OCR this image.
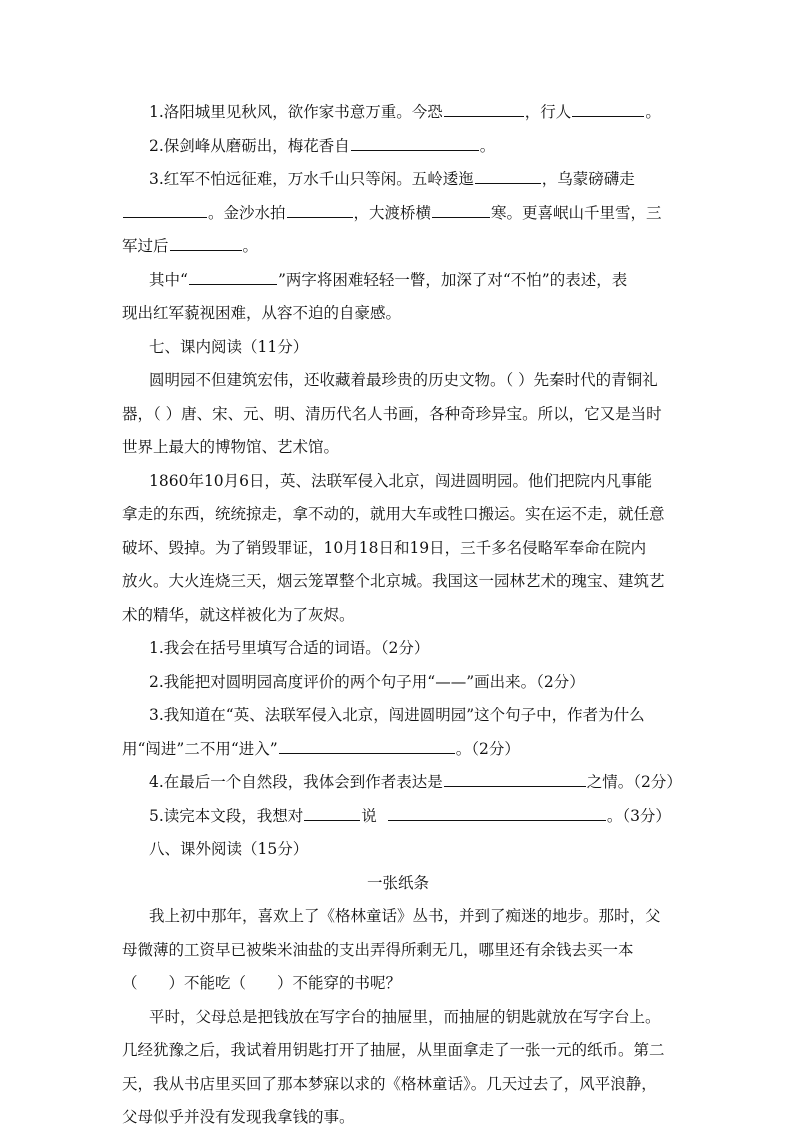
1.洛阳城里见秋风，欲作家书意万重。今恐	，行人	。
2.保剑峰从磨砺出，梅花香自	。
3.红军不怕远征难，万水千山只等闲。五岭逶迤	，乌蒙磅礴走
。金沙水拍	，大渡桥横	寒。更喜岷山千里雪，三
军过后	。
其中“	”两字将困难轻轻一瞥，加深了对“不怕”的表述，表
现出红军藐视困难，从容不迫的自豪感。
七、课内阅读（11分）
圆明园不但建筑宏伟，还收藏着最珍贵的历史文物。（ ）先秦时代的青铜礼
器，（ ）唐、宋、元、明、清历代名人书画，各种奇珍异宝。所以，它又是当时
世界上最大的博物馆、艺术馆。
1860年10月6日，英、法联军侵入北京，闯进圆明园。他们把院内凡事能
拿走的东西，统统掠走，拿不动的，就用大车或牲口搬运。实在运不走，就任意
破坏、毁掉。为了销毁罪证，10月18日和19日，三千多名侵略军奉命在院内
放火。大火连烧三天，烟云笼罩整个北京城。我国这一园林艺术的瑰宝、建筑艺
术的精华，就这样被化为了灰烬。
1.我会在括号里填写合适的词语。（2分）
2.我能把对圆明园高度评价的两个句子用“——”画出来。（2分）
3.我知道在“英、法联军侵入北京，闯进圆明园”这个句子中，作者为什么
用“闯进”二不用“进入”	。（2分）
4.在最后一个自然段，我体会到作者表达是	之情。（2分）
5.读完本文段，我想对	说	。（3分）
八、课外阅读（15分）
一张纸条
我上初中那年，喜欢上了《格林童话》丛书，并到了痴迷的地步。那时，父
母微薄的工资早已被柴米油盐的支出弄得所剩无几，哪里还有余钱去买一本
（　　）不能吃（　　）不能穿的书呢？
平时，父母总是把钱放在写字台的抽屉里，而抽屉的钥匙就放在写字台上。
几经犹豫之后，我试着用钥匙打开了抽屉，从里面拿走了一张一元的纸币。第二
天，我从书店里买回了那本梦寐以求的《格林童话》。几天过去了，风平浪静，
父母似乎并没有发现我拿钱的事。
